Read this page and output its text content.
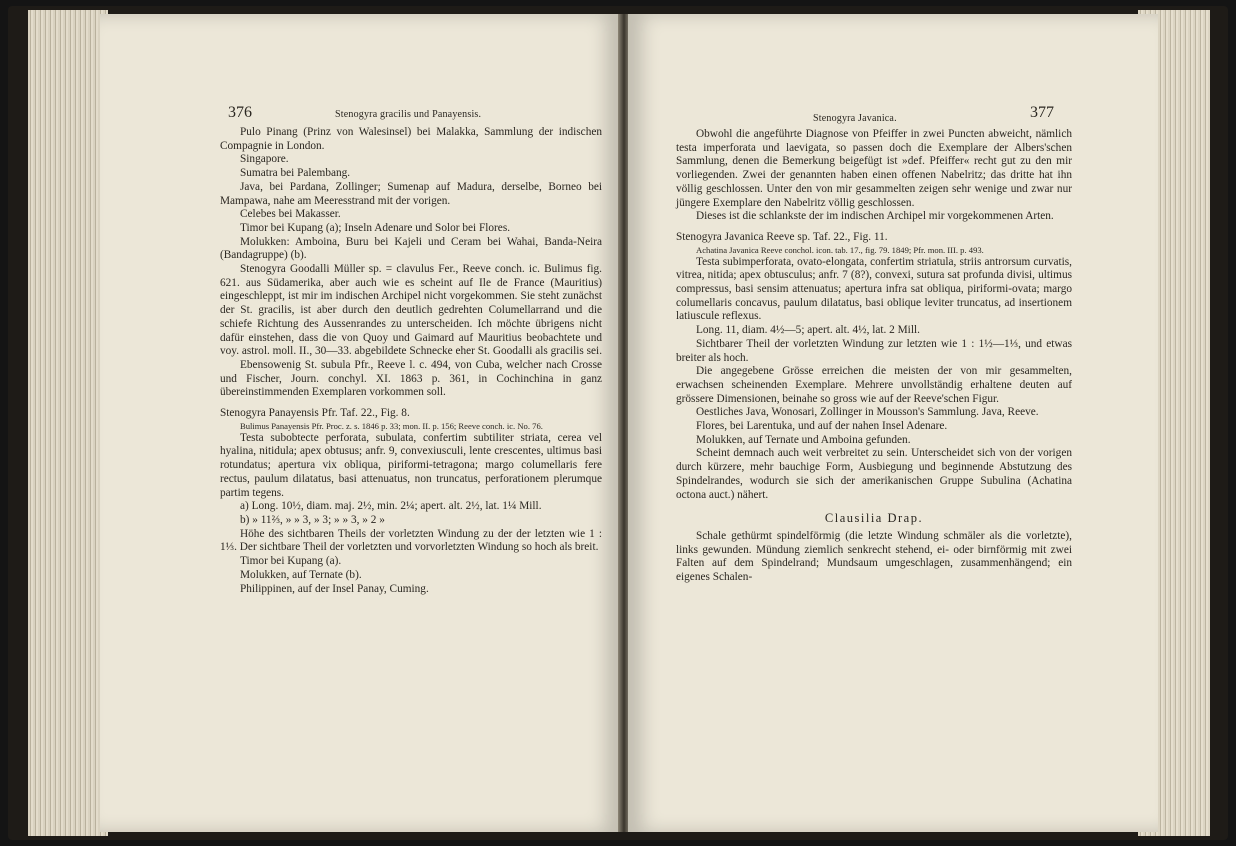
376	Stenogyra gracilis und Panayensis.

Pulo Pinang (Prinz von Walesinsel) bei Malakka, Sammlung der indischen Compagnie in London.

Singapore.

Sumatra bei Palembang.

Java, bei Pardana, Zollinger; Sumenap auf Madura, derselbe, Borneo bei Mampawa, nahe am Meeresstrand mit der vorigen.

Celebes bei Makasser.

Timor bei Kupang (a); Inseln Adenare und Solor bei Flores.

Molukken: Amboina, Buru bei Kajeli und Ceram bei Wahai, Banda-Neira (Bandagruppe) (b).

Stenogyra Goodalli Müller sp. = clavulus Fer., Reeve conch. ic. Bulimus fig. 621. aus Südamerika, aber auch wie es scheint auf Ile de France (Mauritius) eingeschleppt, ist mir im indischen Archipel nicht vorgekommen. Sie steht zunächst der St. gracilis, ist aber durch den deutlich gedrehten Columellarrand und die schiefe Richtung des Aussenrandes zu unterscheiden. Ich möchte übrigens nicht dafür einstehen, dass die von Quoy und Gaimard auf Mauritius beobachtete und voy. astrol. moll. II., 30—33. abgebildete Schnecke eher St. Goodalli als gracilis sei.

Ebensowenig St. subula Pfr., Reeve l. c. 494, von Cuba, welcher nach Crosse und Fischer, Journ. conchyl. XI. 1863 p. 361, in Cochinchina in ganz übereinstimmenden Exemplaren vorkommen soll.

Stenogyra Panayensis Pfr. Taf. 22., Fig. 8.

Bulimus Panayensis Pfr. Proc. z. s. 1846 p. 33; mon. II. p. 156; Reeve conch. ic. No. 76.

Testa subobtecte perforata, subulata, confertim subtiliter striata, cerea vel hyalina, nitidula; apex obtusus; anfr. 9, convexiusculi, lente crescentes, ultimus basi rotundatus; apertura vix obliqua, piriformi-tetragona; margo columellaris fere rectus, paulum dilatatus, basi attenuatus, non truncatus, perforationem plerumque partim tegens.

a) Long. 10½, diam. maj. 2½, min. 2¼; apert. alt. 2½, lat. 1¼ Mill.

b) » 11⅔, » » 3, » 3; » » 3, » 2 »

Höhe des sichtbaren Theils der vorletzten Windung zu der der letzten wie 1 : 1⅓. Der sichtbare Theil der vorletzten und vorvorletzten Windung so hoch als breit.

Timor bei Kupang (a).

Molukken, auf Ternate (b).

Philippinen, auf der Insel Panay, Cuming.

Stenogyra Javanica.	377

Obwohl die angeführte Diagnose von Pfeiffer in zwei Puncten abweicht, nämlich testa imperforata und laevigata, so passen doch die Exemplare der Albers'schen Sammlung, denen die Bemerkung beigefügt ist »def. Pfeiffer« recht gut zu den mir vorliegenden. Zwei der genannten haben einen offenen Nabelritz; das dritte hat ihn völlig geschlossen. Unter den von mir gesammelten zeigen sehr wenige und zwar nur jüngere Exemplare den Nabelritz völlig geschlossen.

Dieses ist die schlankste der im indischen Archipel mir vorgekommenen Arten.

Stenogyra Javanica Reeve sp. Taf. 22., Fig. 11.

Achatina Javanica Reeve conchol. icon. tab. 17., fig. 79. 1849; Pfr. mon. III. p. 493.

Testa subimperforata, ovato-elongata, confertim striatula, striis antrorsum curvatis, vitrea, nitida; apex obtusculus; anfr. 7 (8?), convexi, sutura sat profunda divisi, ultimus compressus, basi sensim attenuatus; apertura infra sat obliqua, piriformi-ovata; margo columellaris concavus, paulum dilatatus, basi oblique leviter truncatus, ad insertionem latiuscule reflexus.

Long. 11, diam. 4½—5; apert. alt. 4½, lat. 2 Mill.

Sichtbarer Theil der vorletzten Windung zur letzten wie 1 : 1½—1⅓, und etwas breiter als hoch.

Die angegebene Grösse erreichen die meisten der von mir gesammelten, erwachsen scheinenden Exemplare. Mehrere unvollständig erhaltene deuten auf grössere Dimensionen, beinahe so gross wie auf der Reeve'schen Figur.

Oestliches Java, Wonosari, Zollinger in Mousson's Sammlung. Java, Reeve.

Flores, bei Larentuka, und auf der nahen Insel Adenare.

Molukken, auf Ternate und Amboina gefunden.

Scheint demnach auch weit verbreitet zu sein. Unterscheidet sich von der vorigen durch kürzere, mehr bauchige Form, Ausbiegung und beginnende Abstutzung des Spindelrandes, wodurch sie sich der amerikanischen Gruppe Subulina (Achatina octona auct.) nähert.

Clausilia Drap.

Schale gethürmt spindelförmig (die letzte Windung schmäler als die vorletzte), links gewunden. Mündung ziemlich senkrecht stehend, ei- oder birnförmig mit zwei Falten auf dem Spindelrand; Mundsaum umgeschlagen, zusammenhängend; ein eigenes Schalen-
